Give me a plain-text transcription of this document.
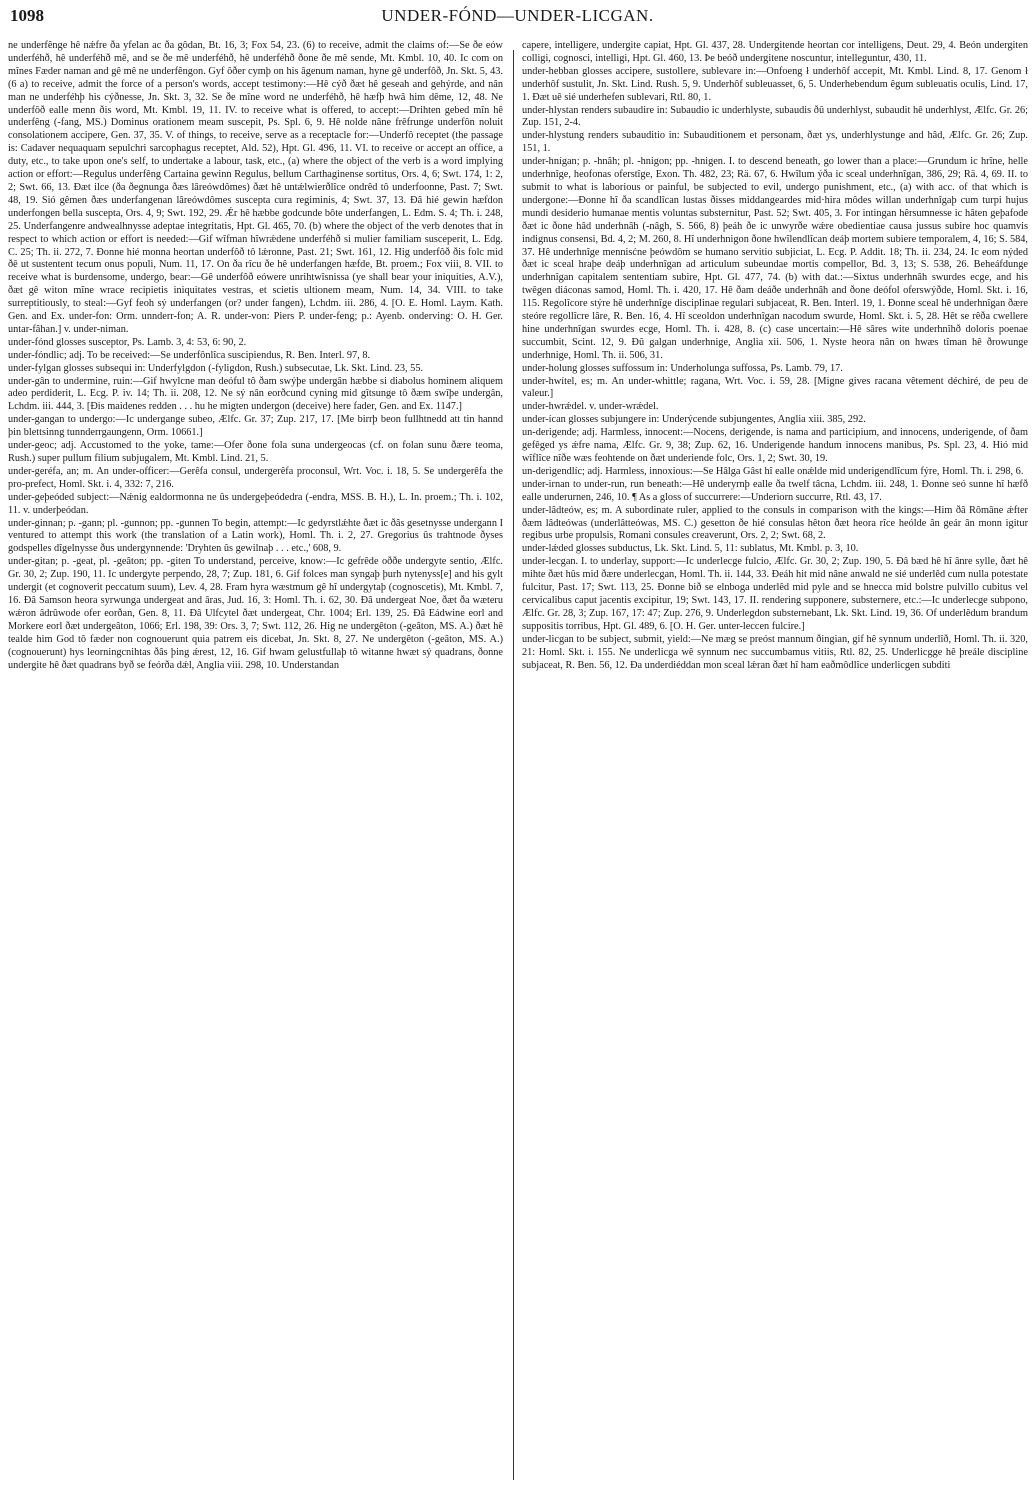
1098	UNDER-FÓND—UNDER-LICGAN.

ne underfênge hê nǽfre ða yfelan ac ða gôdan, Bt. 16, 3; Fox 54, 23. (6) to receive, admit the claims of:—Se ðe eów underféhð, hê underféhð mê, and se ðe mê underféhð, hê underféhð ðone ðe mê sende, Mt. Kmbl. 10, 40. Ic com on mînes Fæder naman and gê mê ne underfêngon. Gyf ôðer cymþ on his âgenum naman, hyne gê underfôð, Jn. Skt. 5, 43. (6 a) to receive, admit the force of a person's words, accept testimony:—Hê cýð ðæt hê geseah and gehýrde, and nân man ne underféhþ his cýðnesse, Jn. Skt. 3, 32. Se ðe mîne word ne underféhð, hê hæfþ hwâ him dême, 12, 48. Ne underfôð ealle menn ðis word, Mt. Kmbl. 19, 11. IV. to receive what is offered, to accept:—Drihten gebed mîn hê underfêng (-fang, MS.) Dominus orationem meam suscepit, Ps. Spl. 6, 9. Hê nolde nâne frêfrunge underfôn noluit consolationem accipere, Gen. 37, 35. V. of things, to receive, serve as a receptacle for:—Underfô receptet (the passage is: Cadaver nequaquam sepulchri sarcophagus receptet, Ald. 52), Hpt. Gl. 496, 11. VI. to receive or accept an office, a duty, etc., to take upon one's self, to undertake a labour, task, etc., (a) where the object of the verb is a word implying action or effort:—Regulus underfêng Cartaina gewinn Regulus, bellum Carthaginense sortitus, Ors. 4, 6; Swt. 174, 1: 2, 2; Swt. 66, 13. Ðæt ilce (ða ðegnunga ðæs lâreówdômes) ðæt hê untǽlwierðlîce ondrêd tô underfoonne, Past. 7; Swt. 48, 19. Sió gêmen ðæs underfangenan lâreówdômes suscepta cura regiminis, 4; Swt. 37, 13. Ðâ hié gewin hæfdon underfongen bella suscepta, Ors. 4, 9; Swt. 192, 29. Ǽr hê hæbbe godcunde bôte underfangen, L. Edm. S. 4; Th. i. 248, 25. Underfangenre andwealhnysse adeptae integritatis, Hpt. Gl. 465, 70. (b) where the object of the verb denotes that in respect to which action or effort is needed:—Gif wîfman hîwrǽdene underféhð si mulier familiam susceperit, L. Edg. C. 25; Th. ii. 272, 7. Ðonne hié monna heortan underfôð tô lǽronne, Past. 21; Swt. 161, 12. Hig underfôð ðis folc mid ðê ut sustentent tecum onus populi, Num. 11, 17. On ða rîcu ðe hê underfangen hæfde, Bt. proem.; Fox viii, 8. VII. to receive what is burdensome, undergo, bear:—Gê underfôð eówere unrihtwîsnissa (ye shall bear your iniquities, A.V.), ðæt gê witon mîne wrace recipietis iniquitates vestras, et scietis ultionem meam, Num. 14, 34. VIII. to take surreptitiously, to steal:—Gyf feoh sý underfangen (or? under fangen), Lchdm. iii. 286, 4. [O. E. Homl. Laym. Kath. Gen. and Ex. under-fon: Orm. unnderr-fon; A. R. under-von: Piers P. under-feng; p.: Ayenb. onderving: O. H. Ger. untar-fâhan.] v. under-niman.

under-fónd glosses susceptor, Ps. Lamb. 3, 4: 53, 6: 90, 2.

under-fóndlic; adj. To be received:—Se underfônlîca suscipiendus, R. Ben. Interl. 97, 8.

under-fylgan glosses subsequi in: Underfylgdon (-fyligdon, Rush.) subsecutae, Lk. Skt. Lind. 23, 55.

under-gân to undermine, ruin:—Gif hwylcne man deóful tô ðam swýþe undergân hæbbe si diabolus hominem aliquem adeo perdiderit, L. Ecg. P. iv. 14; Th. ii. 208, 12. Ne sý nân eorðcund cyning mid gîtsunge tô ðæm swîþe undergân, Lchdm. iii. 444, 3. [Ðis maidenes redden . . . hu he migten undergon (deceive) here fader, Gen. and Ex. 1147.]

under-gangan to undergo:—Ic undergange subeo, Ælfc. Gr. 37; Zup. 217, 17. [Me birrþ beon fullhtnedd att tin hannd þin blettsinng tunnderrgaungenn, Orm. 10661.]

under-geoc; adj. Accustomed to the yoke, tame:—Ofer ðone fola suna undergeocas (cf. on folan sunu ðære teoma, Rush.) super pullum filium subjugalem, Mt. Kmbl. Lind. 21, 5.

under-geréfa, an; m. An under-officer:—Gerêfa consul, undergerêfa proconsul, Wrt. Voc. i. 18, 5. Se undergerêfa the pro-prefect, Homl. Skt. i. 4, 332: 7, 216.

under-geþeóded subject:—Nǽnig ealdormonna ne ûs undergeþeódedra (-endra, MSS. B. H.), L. In. proem.; Th. i. 102, 11. v. underþeódan.

under-ginnan; p. -gann; pl. -gunnon; pp. -gunnen To begin, attempt:—Ic gedyrstlǽhte ðæt ic ðâs gesetnysse undergann I ventured to attempt this work (the translation of a Latin work), Homl. Th. i. 2, 27. Gregorius ûs trahtnode ðyses godspelles dîgelnysse ðus undergynnende: 'Dryhten ûs gewilnaþ . . . etc.,' 608, 9.

under-gitan; p. -geat, pl. -geâton; pp. -giten To understand, perceive, know:—Ic gefrêde oððe undergyte sentio, Ælfc. Gr. 30, 2; Zup. 190, 11. Ic undergyte perpendo, 28, 7; Zup. 181, 6. Gif folces man syngaþ þurh nytenyss[e] and his gylt undergit (et cognoverit peccatum suum), Lev. 4, 28. Fram hyra wæstmum gê hî undergytaþ (cognoscetis), Mt. Kmbl. 7, 16. Ðâ Samson heora syrwunga undergeat and âras, Jud. 16, 3: Homl. Th. i. 62, 30. Ðâ undergeat Noe, ðæt ða wæteru wǽron âdrûwode ofer eorðan, Gen. 8, 11. Ðâ Ulfcytel ðæt undergeat, Chr. 1004; Erl. 139, 25. Ðâ Eádwine eorl and Morkere eorl ðæt undergeâton, 1066; Erl. 198, 39: Ors. 3, 7; Swt. 112, 26. Hig ne undergêton (-geâton, MS. A.) ðæt hê tealde him God tô fæder non cognouerunt quia patrem eis dicebat, Jn. Skt. 8, 27. Ne undergêton (-geâton, MS. A.) (cognouerunt) hys leorningcnihtas ðâs þing ǽrest, 12, 16. Gif hwam gelustfullaþ tô witanne hwæt sý quadrans, ðonne undergite hê ðæt quadrans byð se feórða dǽl, Anglia viii. 298, 10. Understandan

capere, intelligere, undergite capiat, Hpt. Gl. 437, 28. Undergitende heortan cor intelligens, Deut. 29, 4. Beón undergiten colligi, cognosci, intelligi, Hpt. Gl. 460, 13. Þe beóð undergitene noscuntur, intelleguntur, 430, 11.

under-hebban glosses accipere, sustollere, sublevare in:—Onfoeng ł underhôf accepit, Mt. Kmbl. Lind. 8, 17. Genom ł underhôf sustulit, Jn. Skt. Lind. Rush. 5, 9. Underhôf subleuasset, 6, 5. Underhebendum êgum subleuatis oculis, Lind. 17, 1. Ðæt uê sié underhefen sublevari, Rtl. 80, 1.

under-hlystan renders subaudire in: Subaudio ic underhlyste, subaudis ðû underhlyst, subaudit hê underhlyst, Ælfc. Gr. 26; Zup. 151, 2-4.

under-hlystung renders subauditio in: Subauditionem et personam, ðæt ys, underhlystunge and hâd, Ælfc. Gr. 26; Zup. 151, 1.

under-hnígan; p. -hnâh; pl. -hnigon; pp. -hnigen. I. to descend beneath, go lower than a place:—Grundum ic hrîne, helle underhnîge, heofonas oferstîge, Exon. Th. 482, 23; Rä. 67, 6. Hwîlum ýða ic sceal underhnîgan, 386, 29; Rä. 4, 69. II. to submit to what is laborious or painful, be subjected to evil, undergo punishment, etc., (a) with acc. of that which is undergone:—Ðonne hî ða scandlîcan lustas ðisses middangeardes mid·hira môdes willan underhnîgaþ cum turpi hujus mundi desiderio humanae mentis voluntas substernitur, Past. 52; Swt. 405, 3. For intingan hêrsumnesse ic hâten geþafode ðæt ic ðone hâd underhnâh (-nâgh, S. 566, 8) þeáh ðe ic unwyrðe wǽre obedientiae causa jussus subire hoc quamvis indignus consensi, Bd. 4, 2; M. 260, 8. Hî underhnigon ðone hwîlendlîcan deáþ mortem subiere temporalem, 4, 16; S. 584, 37. Hê underhnîge mennisćne þeówdôm se humano servitio subjiciat, L. Ecg. P. Addit. 18; Th. ii. 234, 24. Ic eom nýded ðæt ic sceal hraþe deáþ underhnîgan ad articulum subeundae mortis compellor, Bd. 3, 13; S. 538, 26. Beheáfdunge underhnîgan capitalem sententiam subire, Hpt. Gl. 477, 74. (b) with dat.:—Sixtus underhnâh swurdes ecge, and his twêgen diáconas samod, Homl. Th. i. 420, 17. Hê ðam deáðe underhnâh and ðone deófol oferswýðde, Homl. Skt. i. 16, 115. Regolîcore stýre hê underhnîge disciplinae regulari subjaceat, R. Ben. Interl. 19, 1. Ðonne sceal hê underhnîgan ðære steóre regollîcre lâre, R. Ben. 16, 4. Hî sceoldon underhnîgan nacodum swurde, Homl. Skt. i. 5, 28. Hêt se rêða cwellere hine underhnîgan swurdes ecge, Homl. Th. i. 428, 8. (c) case uncertain:—Hê sâres wite underhnîhð doloris poenae succumbit, Scint. 12, 9. Ðû galgan underhnige, Anglia xii. 506, 1. Nyste heora nân on hwæs tîman hê ðrowunge underhnige, Homl. Th. ii. 506, 31.

under-holung glosses suffossum in: Underholunga suffossa, Ps. Lamb. 79, 17.

under-hwítel, es; m. An under-whittle; ragana, Wrt. Voc. i. 59, 28. [Migne gives racana vêtement déchiré, de peu de valeur.]

under-hwrǽdel. v. under-wrǽdel.

under-ícan glosses subjungere in: Underýcende subjungentes, Anglia xiii. 385, 292.

un-derigende; adj. Harmless, innocent:—Nocens, derigende, is nama and participium, and innocens, underigende, of ðam gefêged ys ǽfre nama, Ælfc. Gr. 9, 38; Zup. 62, 16. Underigende handum innocens manibus, Ps. Spl. 23, 4. Hió mid wîflîce nîðe wæs feohtende on ðæt underiende folc, Ors. 1, 2; Swt. 30, 19.

un-derigendlíc; adj. Harmless, innoxious:—Se Hâlga Gâst hî ealle onǽlde mid underigendlîcum fýre, Homl. Th. i. 298, 6.

under-irnan to under-run, run beneath:—Hê underyrnþ ealle ða twelf tâcna, Lchdm. iii. 248, 1. Ðonne seó sunne hî hæfð ealle underurnen, 246, 10. ¶ As a gloss of succurrere:—Underiorn succurre, Rtl. 43, 17.

under-lâdteów, es; m. A subordinate ruler, applied to the consuls in comparison with the kings:—Him ðâ Rômâne ǽfter ðæm lâdteówas (underlâtteówas, MS. C.) gesetton ðe hié consulas hêton ðæt heora rîce heólde ân geár ân monn igitur regibus urbe propulsis, Romani consules creaverunt, Ors. 2, 2; Swt. 68, 2.

under-lǽded glosses subductus, Lk. Skt. Lind. 5, 11: sublatus, Mt. Kmbl. p. 3, 10.

under-lecgan. I. to underlay, support:—Ic underlecge fulcio, Ælfc. Gr. 30, 2; Zup. 190, 5. Ðâ bæd hê hî ânre sylle, ðæt hê mihte ðæt hûs mid ðære underlecgan, Homl. Th. ii. 144, 33. Ðeáh hit mid nâne anwald ne sié underlêd cum nulla potestate fulcitur, Past. 17; Swt. 113, 25. Ðonne bið se elnboga underlêd mid pyle and se hnecca mid bolstre pulvillo cubitus vel cervicalibus caput jacentis excipitur, 19; Swt. 143, 17. II. rendering supponere, substernere, etc.:—Ic underlecge subpono, Ælfc. Gr. 28, 3; Zup. 167, 17: 47; Zup. 276, 9. Underlegdon substernebant, Lk. Skt. Lind. 19, 36. Of underlêdum brandum suppositis torribus, Hpt. Gl. 489, 6. [O. H. Ger. unter-leccen fulcire.]

under-licgan to be subject, submit, yield:—Ne mæg se preóst mannum ðingian, gif hê synnum underlîð, Homl. Th. ii. 320, 21: Homl. Skt. i. 155. Ne underlicga wê synnum nec succumbamus vitiis, Rtl. 82, 25. Underlicgge hê þreále discipline subjaceat, R. Ben. 56, 12. Ða underdiéddan mon sceal lǽran ðæt hî ham eaðmôdlîce underlicgen subditi
